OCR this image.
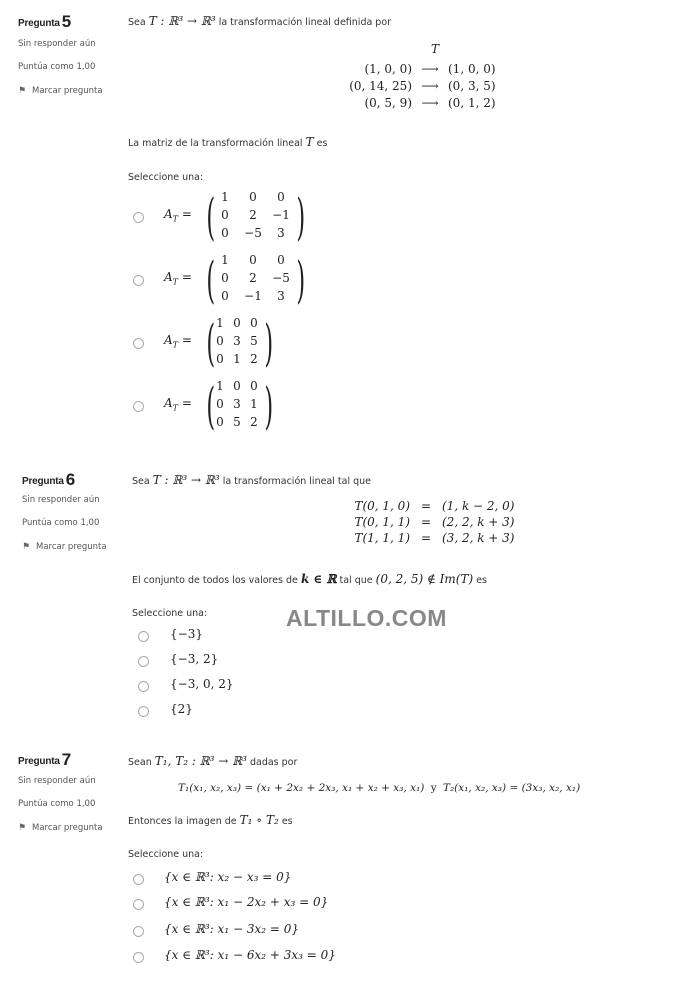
Pregunta 5
Sin responder aún
Puntúa como 1,00
⚑ Marcar pregunta
Sea T : ℝ³ → ℝ³ la transformación lineal definida por
T
(1, 0, 0) ⟶ (1, 0, 0)
(0, 14, 25) ⟶ (0, 3, 5)
(0, 5, 9) ⟶ (0, 1, 2)
La matriz de la transformación lineal T es
Seleccione una:
$A_T$ = ( 1	0	0
0	2	−1
0	−5	3 )
$A_T$ = ( 1	0	0
0	2	−5
0	−1	3 )
$A_T$ = ( 1 0 0
0 3 5
0 1 2 )
$A_T$ = ( 1 0 0
0 3 1
0 5 2 )
Pregunta 6
Sin responder aún
Puntúa como 1,00
⚑ Marcar pregunta
Sea T : ℝ³ → ℝ³ la transformación lineal tal que
T(0, 1, 0) = (1, k − 2, 0)
T(0, 1, 1) = (2, 2, k + 3)
T(1, 1, 1) = (3, 2, k + 3)
El conjunto de todos los valores de k ∈ ℝ tal que (0, 2, 5) ∉ Im(T) es
Seleccione una:
{−3}
{−3, 2}
{−3, 0, 2}
{2}
ALTILLO.COM
Pregunta 7
Sin responder aún
Puntúa como 1,00
⚑ Marcar pregunta
Sean T₁, T₂ : ℝ³ → ℝ³ dadas por
T₁(x₁, x₂, x₃) = (x₁ + 2x₂ + 2x₃, x₁ + x₂ + x₃, x₁) y T₂(x₁, x₂, x₃) = (3x₃, x₂, x₁)
Entonces la imagen de T₁ ∘ T₂ es
Seleccione una:
{x ∈ ℝ³: x₂ − x₃ = 0}
{x ∈ ℝ³: x₁ − 2x₂ + x₃ = 0}
{x ∈ ℝ³: x₁ − 3x₂ = 0}
{x ∈ ℝ³: x₁ − 6x₂ + 3x₃ = 0}
